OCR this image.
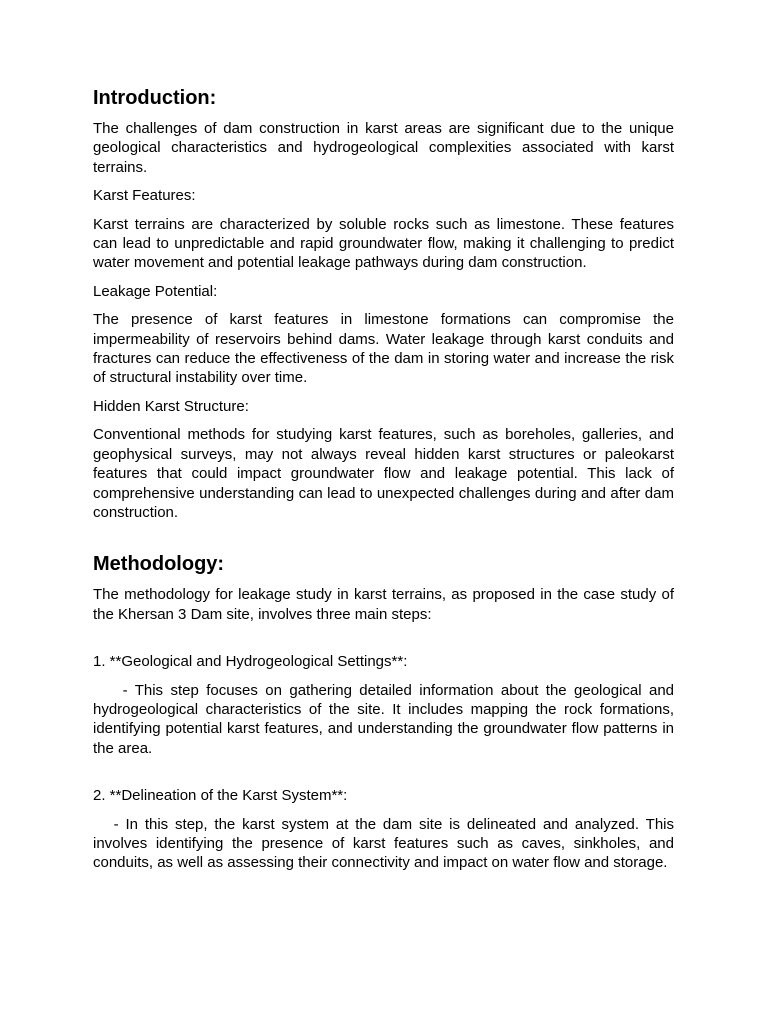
Introduction:

The challenges of dam construction in karst areas are significant due to the unique geological characteristics and hydrogeological complexities associated with karst terrains.

Karst Features:

Karst terrains are characterized by soluble rocks such as limestone. These features can lead to unpredictable and rapid groundwater flow, making it challenging to predict water movement and potential leakage pathways during dam construction.

Leakage Potential:

The presence of karst features in limestone formations can compromise the impermeability of reservoirs behind dams. Water leakage through karst conduits and fractures can reduce the effectiveness of the dam in storing water and increase the risk of structural instability over time.

Hidden Karst Structure:

Conventional methods for studying karst features, such as boreholes, galleries, and geophysical surveys, may not always reveal hidden karst structures or paleokarst features that could impact groundwater flow and leakage potential. This lack of comprehensive understanding can lead to unexpected challenges during and after dam construction.

Methodology:

The methodology for leakage study in karst terrains, as proposed in the case study of the Khersan 3 Dam site, involves three main steps:

1. **Geological and Hydrogeological Settings**:

- This step focuses on gathering detailed information about the geological and hydrogeological characteristics of the site. It includes mapping the rock formations, identifying potential karst features, and understanding the groundwater flow patterns in the area.

2. **Delineation of the Karst System**:

- In this step, the karst system at the dam site is delineated and analyzed. This involves identifying the presence of karst features such as caves, sinkholes, and conduits, as well as assessing their connectivity and impact on water flow and storage.
